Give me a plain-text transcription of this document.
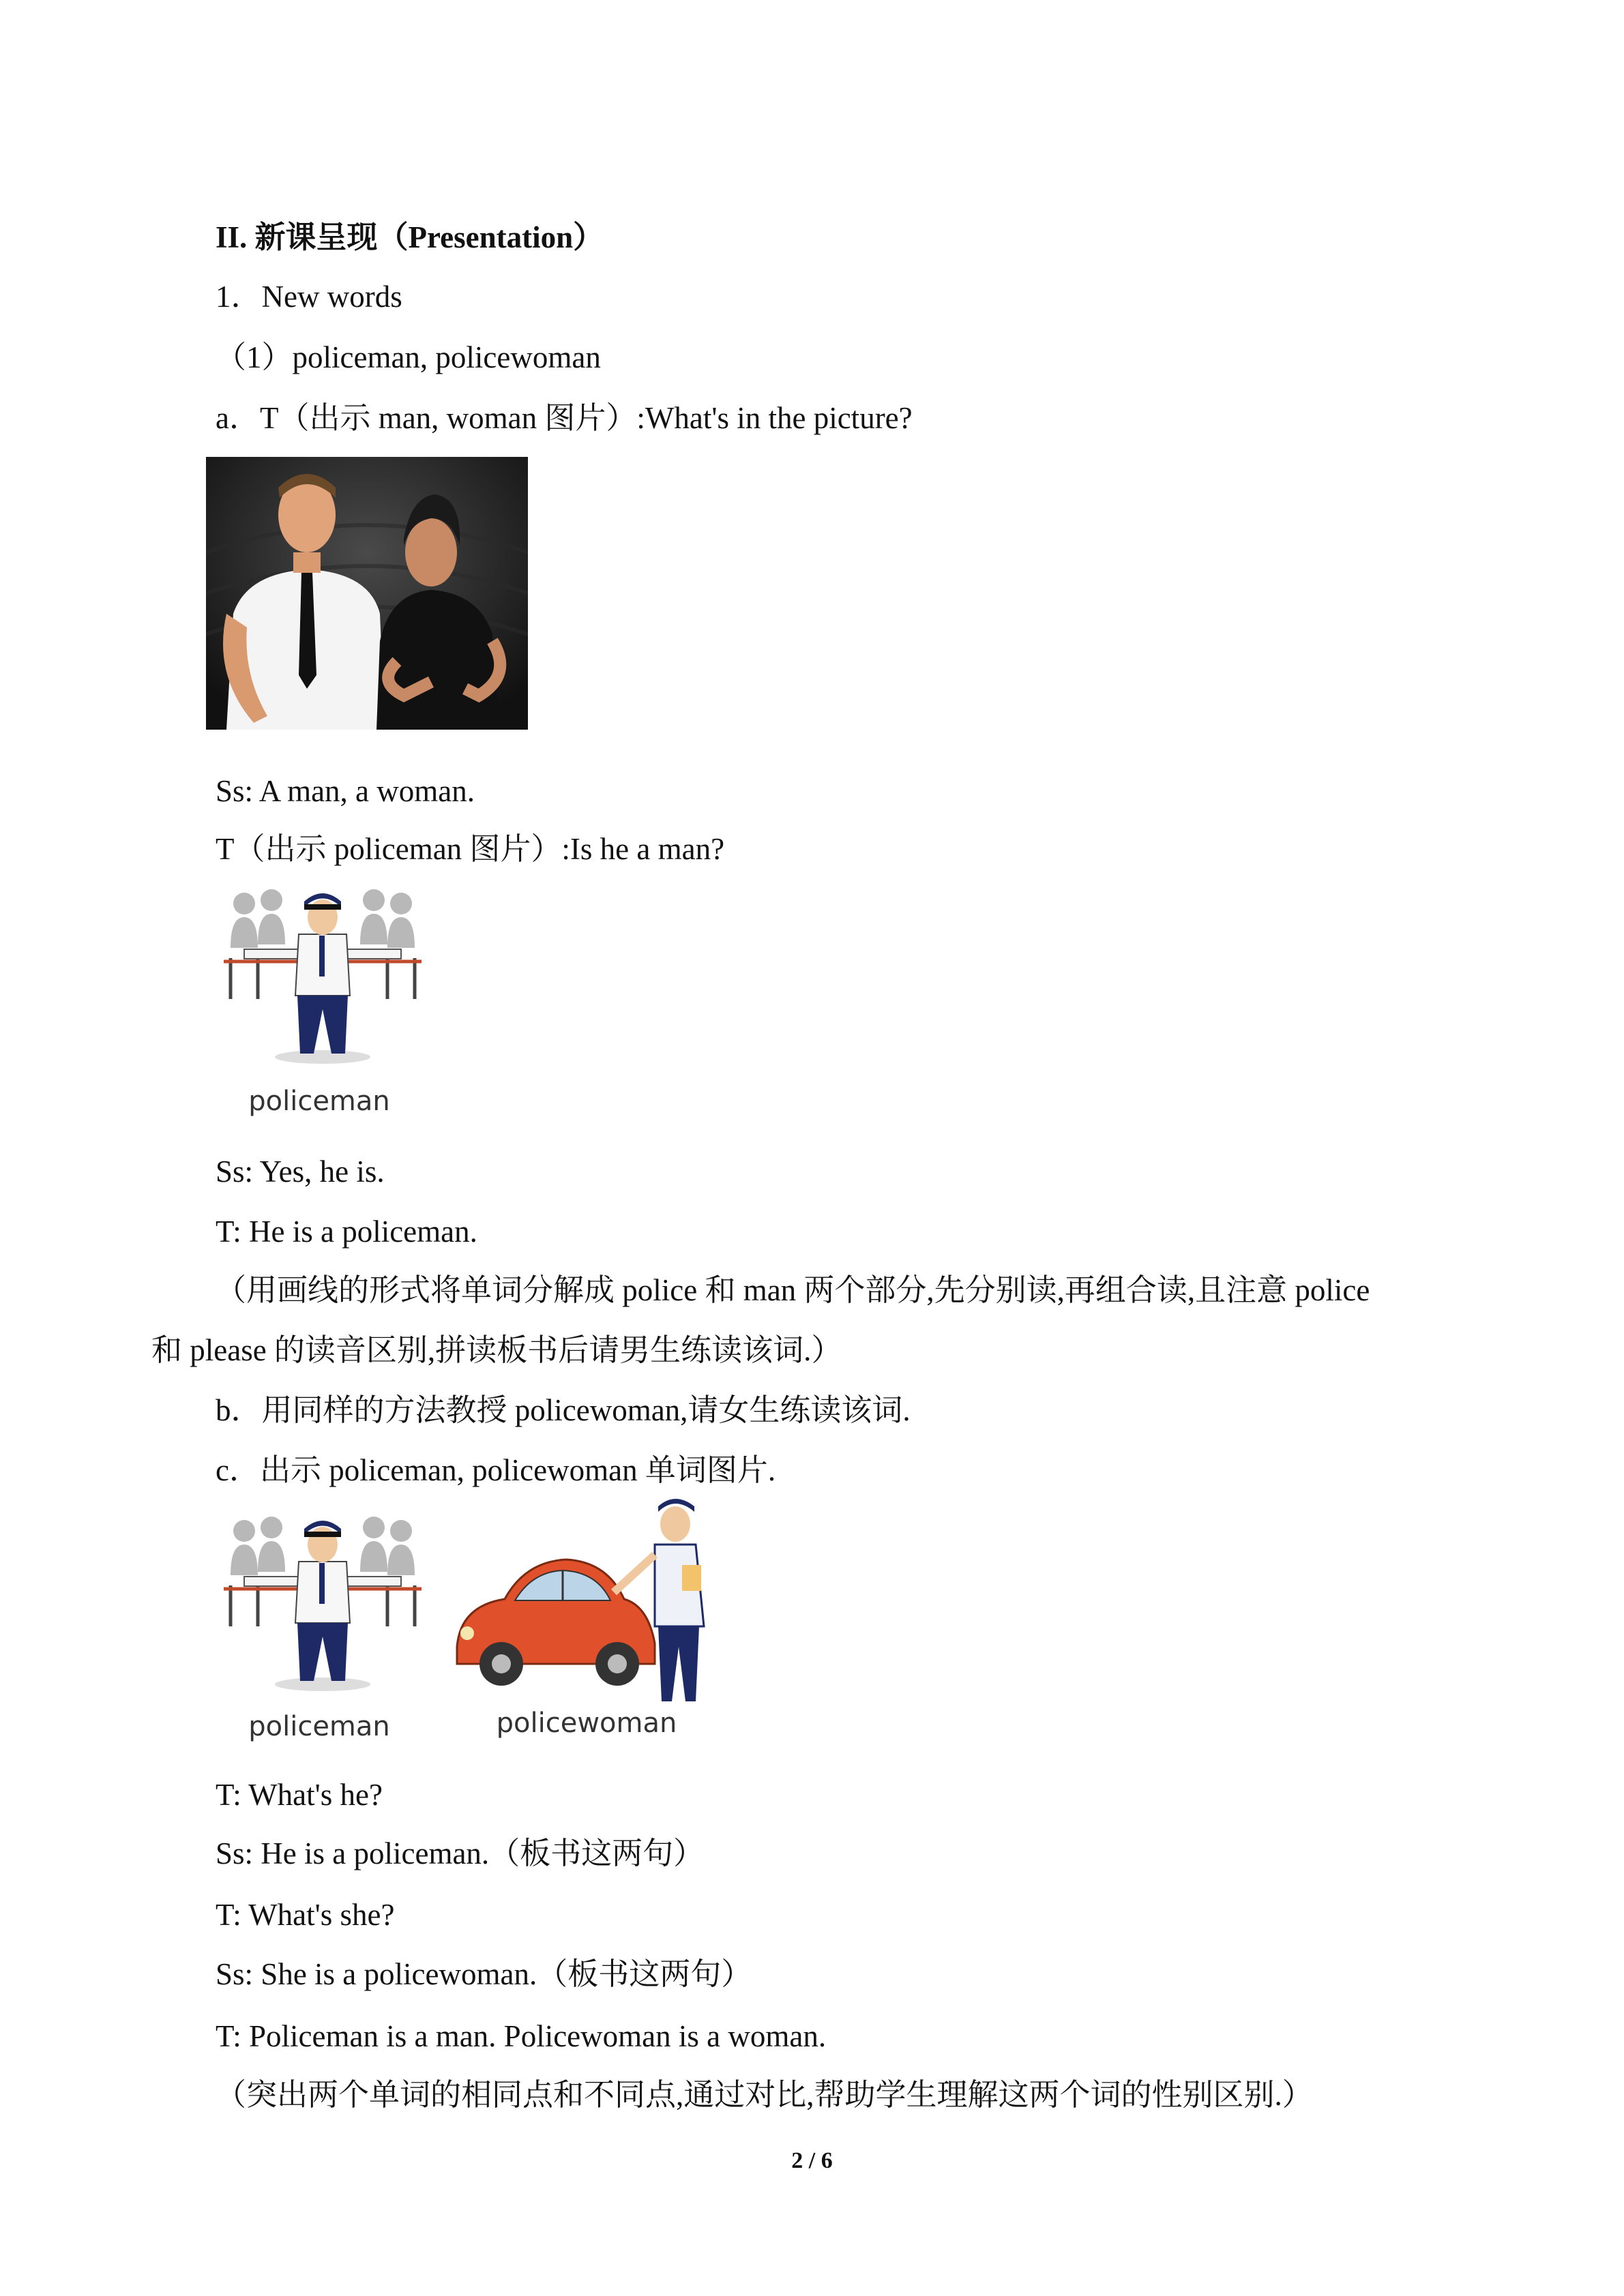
II. 新课呈现（Presentation）
1．New words
（1）policeman, policewoman
a．T（出示 man, woman 图片）:What's in the picture?
Ss: A man, a woman.
T（出示 policeman 图片）:Is he a man?
policeman
Ss: Yes, he is.
T: He is a policeman.
（用画线的形式将单词分解成 police 和 man 两个部分,先分别读,再组合读,且注意 police
和 please 的读音区别,拼读板书后请男生练读该词.）
b．用同样的方法教授 policewoman,请女生练读该词.
c．出示 policeman, policewoman 单词图片.
policeman	policewoman
T: What's he?
Ss: He is a policeman.（板书这两句）
T: What's she?
Ss: She is a policewoman.（板书这两句）
T: Policeman is a man. Policewoman is a woman.
（突出两个单词的相同点和不同点,通过对比,帮助学生理解这两个词的性别区别.）
2 / 6
